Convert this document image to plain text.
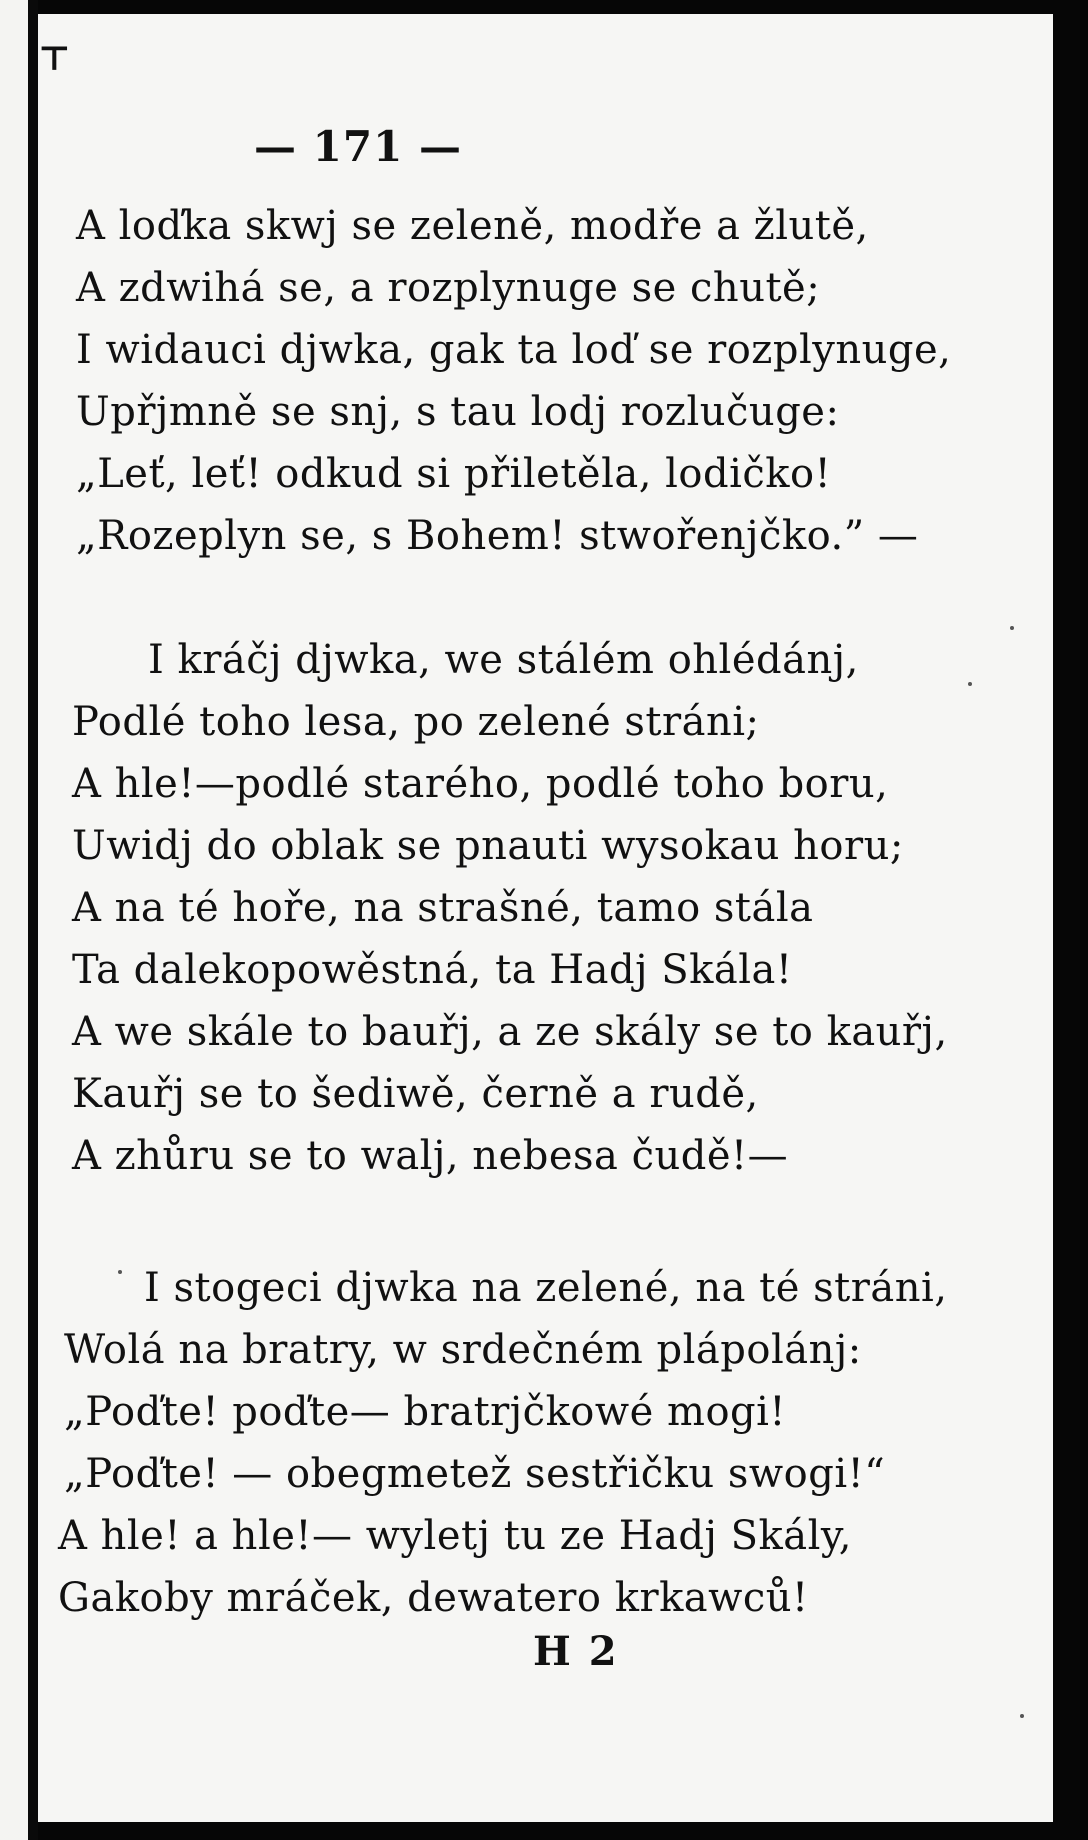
⊤
— 171 —
A loďka skwj se zeleně, modře a žlutě,
A zdwihá se, a rozplynuge se chutě;
I widauci djwka, gak ta loď se rozplynuge,
Upřjmně se snj, s tau lodj rozlučuge:
„Leť, leť! odkud si přiletěla, lodičko!
„Rozeplyn se, s Bohem! stwořenjčko.” —
I kráčj djwka, we stálém ohlédánj,
Podlé toho lesa, po zelené stráni;
A hle!—podlé starého, podlé toho boru,
Uwidj do oblak se pnauti wysokau horu;
A na té hoře, na strašné, tamo stála
Ta dalekopowěstná, ta Hadj Skála!
A we skále to bauřj, a ze skály se to kauřj,
Kauřj se to šediwě, černě a rudě,
A zhůru se to walj, nebesa čudě!—
I stogeci djwka na zelené, na té stráni,
Wolá na bratry, w srdečném plápolánj:
„Poďte! poďte— bratrjčkowé mogi!
„Poďte! — obegmetež sestřičku swogi!“
A hle! a hle!— wyletj tu ze Hadj Skály,
Gakoby mráček, dewatero krkawců!
H 2
